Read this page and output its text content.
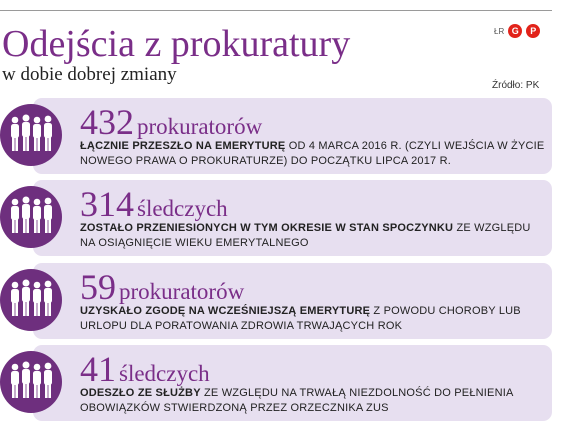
ŁR G	P
Odejścia z prokuratury
w dobie dobrej zmiany
Źródło: PK
432 prokuratorów
ŁĄCZNIE PRZESZŁO NA EMERYTURĘ OD 4 MARCA 2016 R. (CZYLI WEJŚCIA W ŻYCIE NOWEGO PRAWA O PROKURATURZE) DO POCZĄTKU LIPCA 2017 R.
314 śledczych
ZOSTAŁO PRZENIESIONYCH W TYM OKRESIE W STAN SPOCZYNKU ZE WZGLĘDU NA OSIĄGNIĘCIE WIEKU EMERYTALNEGO
59 prokuratorów
UZYSKAŁO ZGODĘ NA WCZEŚNIEJSZĄ EMERYTURĘ Z POWODU CHOROBY LUB URLOPU DLA PORATOWANIA ZDROWIA TRWAJĄCYCH ROK
41 śledczych
ODESZŁO ZE SŁUŻBY ZE WZGLĘDU NA TRWAŁĄ NIEZDOLNOŚĆ DO PEŁNIENIA OBOWIĄZKÓW STWIERDZONĄ PRZEZ ORZECZNIKA ZUS
